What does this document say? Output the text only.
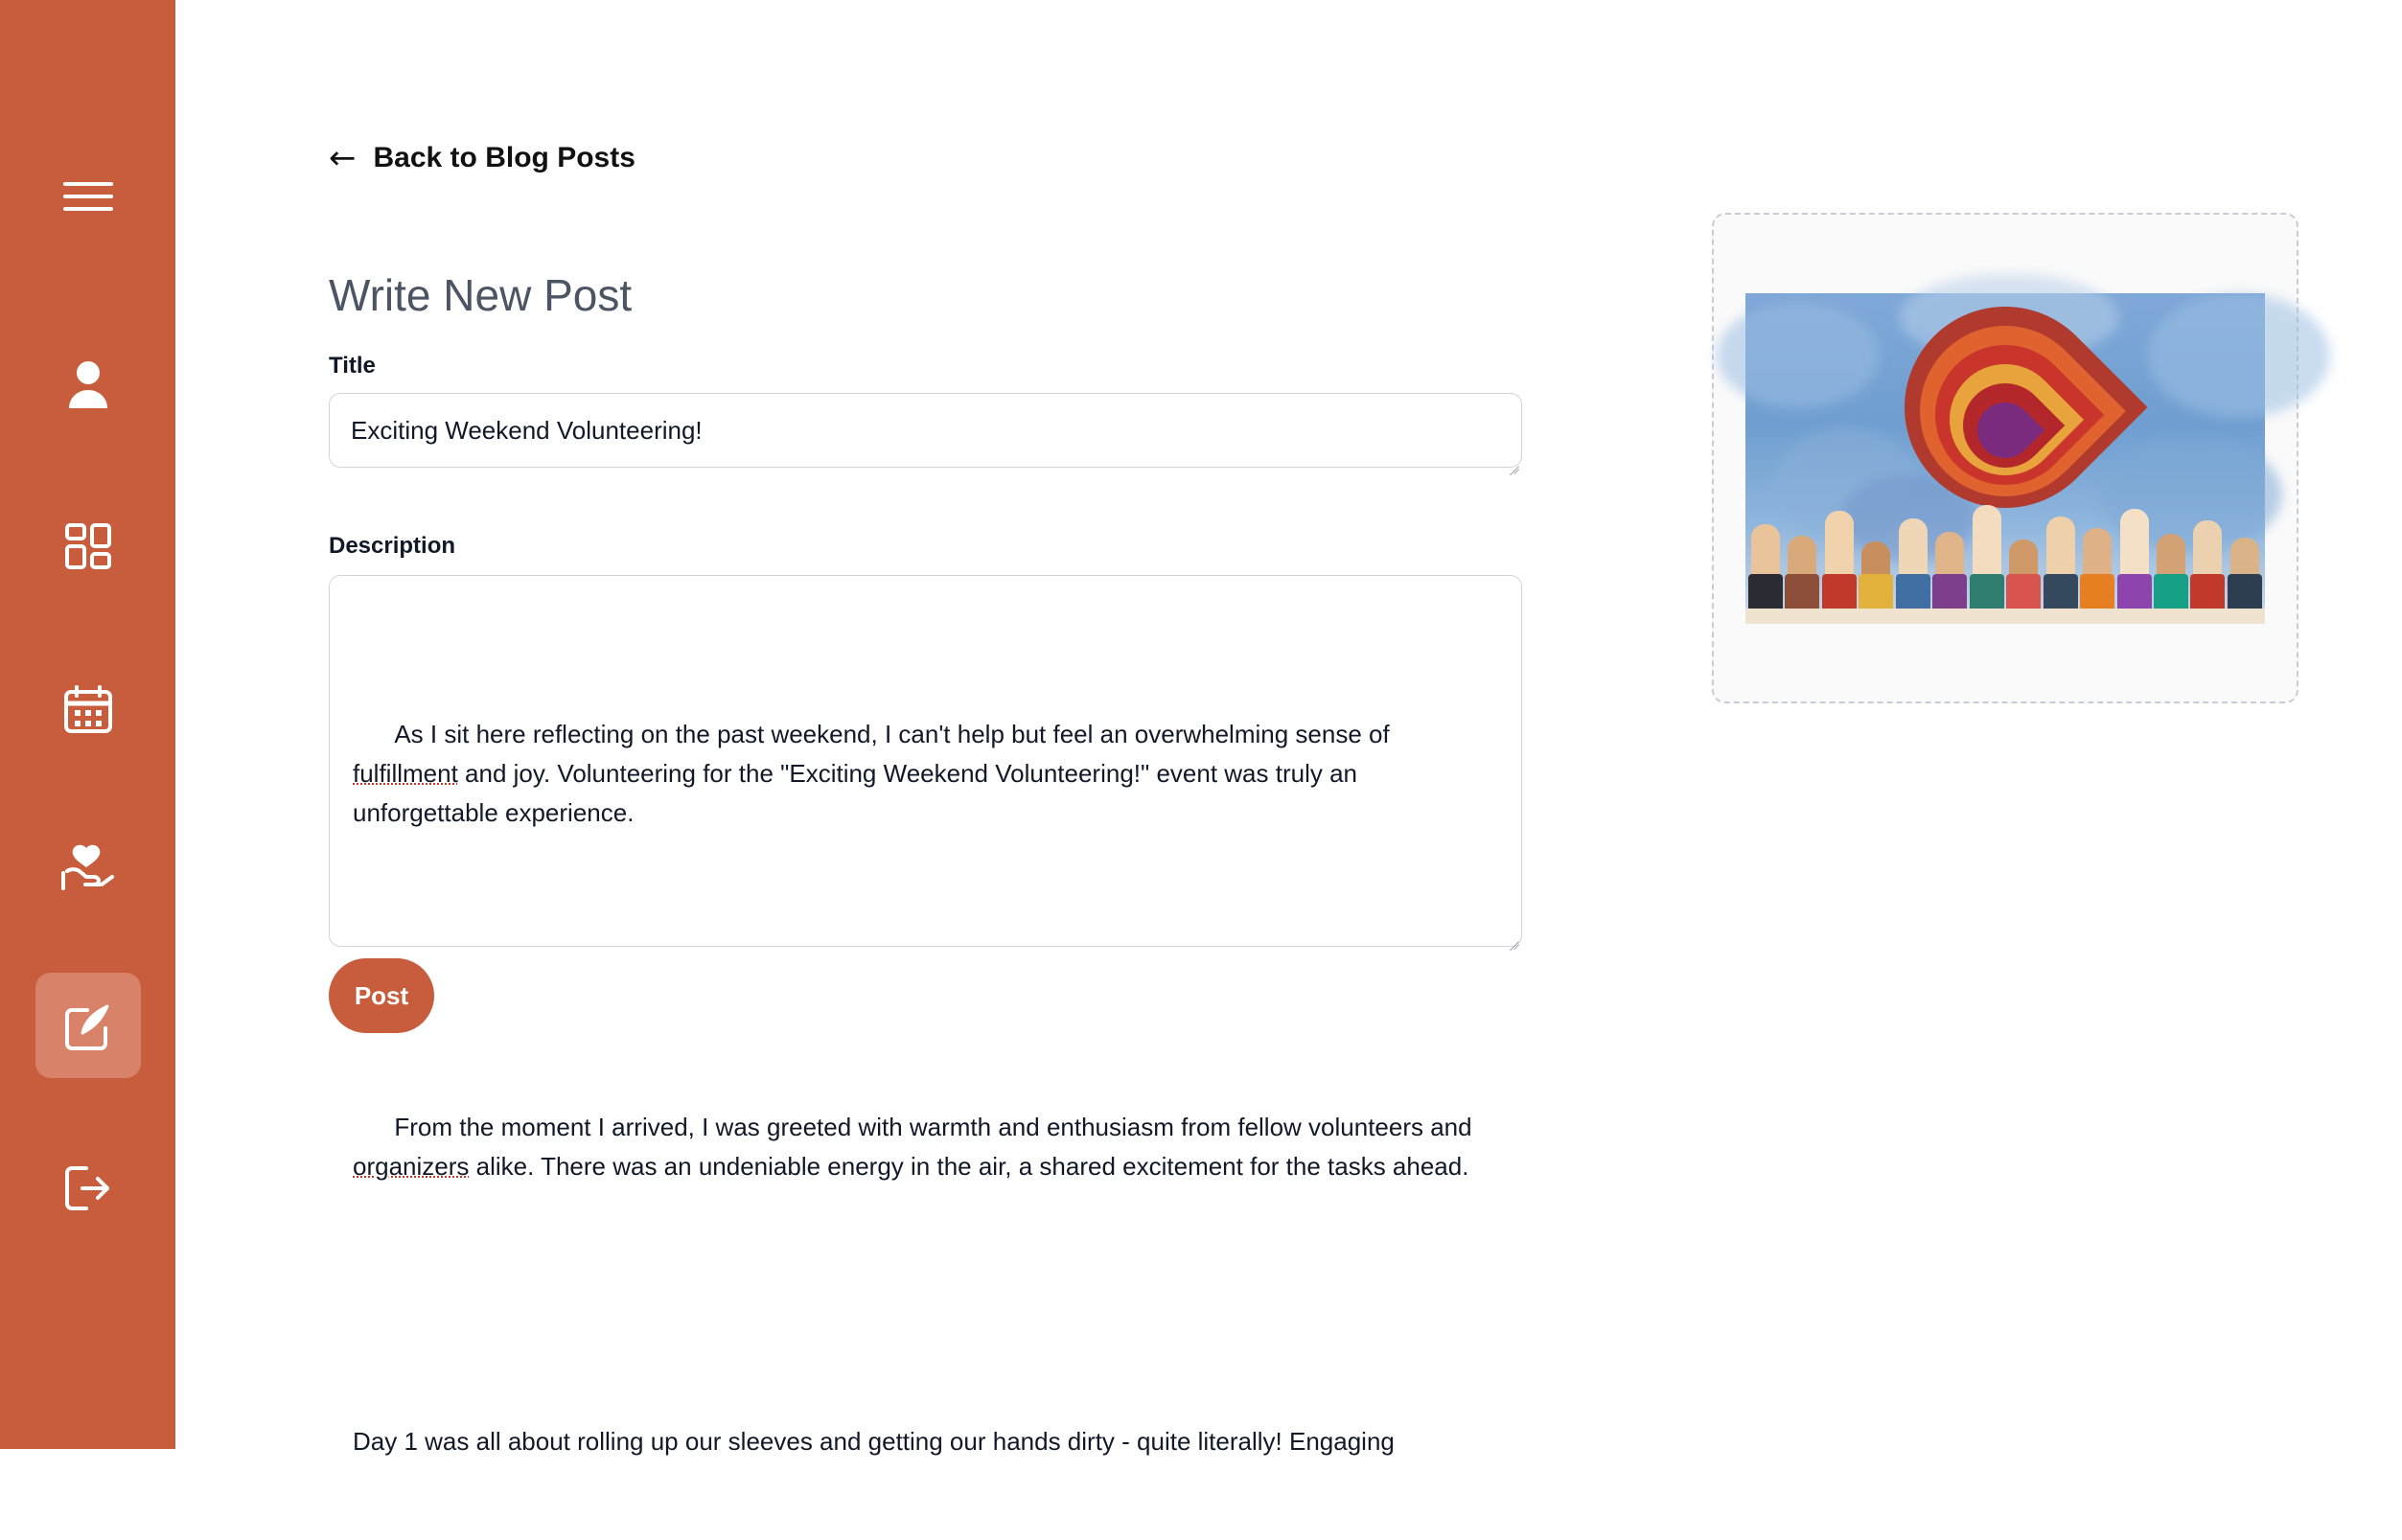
← Back to Blog Posts
Write New Post
Title
Exciting Weekend Volunteering!
Description

As I sit here reflecting on the past weekend, I can't help but feel an overwhelming sense of fulfillment and joy. Volunteering for the "Exciting Weekend Volunteering!" event was truly an unforgettable experience.

From the moment I arrived, I was greeted with warmth and enthusiasm from fellow volunteers and organizers alike. There was an undeniable energy in the air, a shared excitement for the tasks ahead.

Day 1 was all about rolling up our sleeves and getting our hands dirty - quite literally! Engaging

Post
